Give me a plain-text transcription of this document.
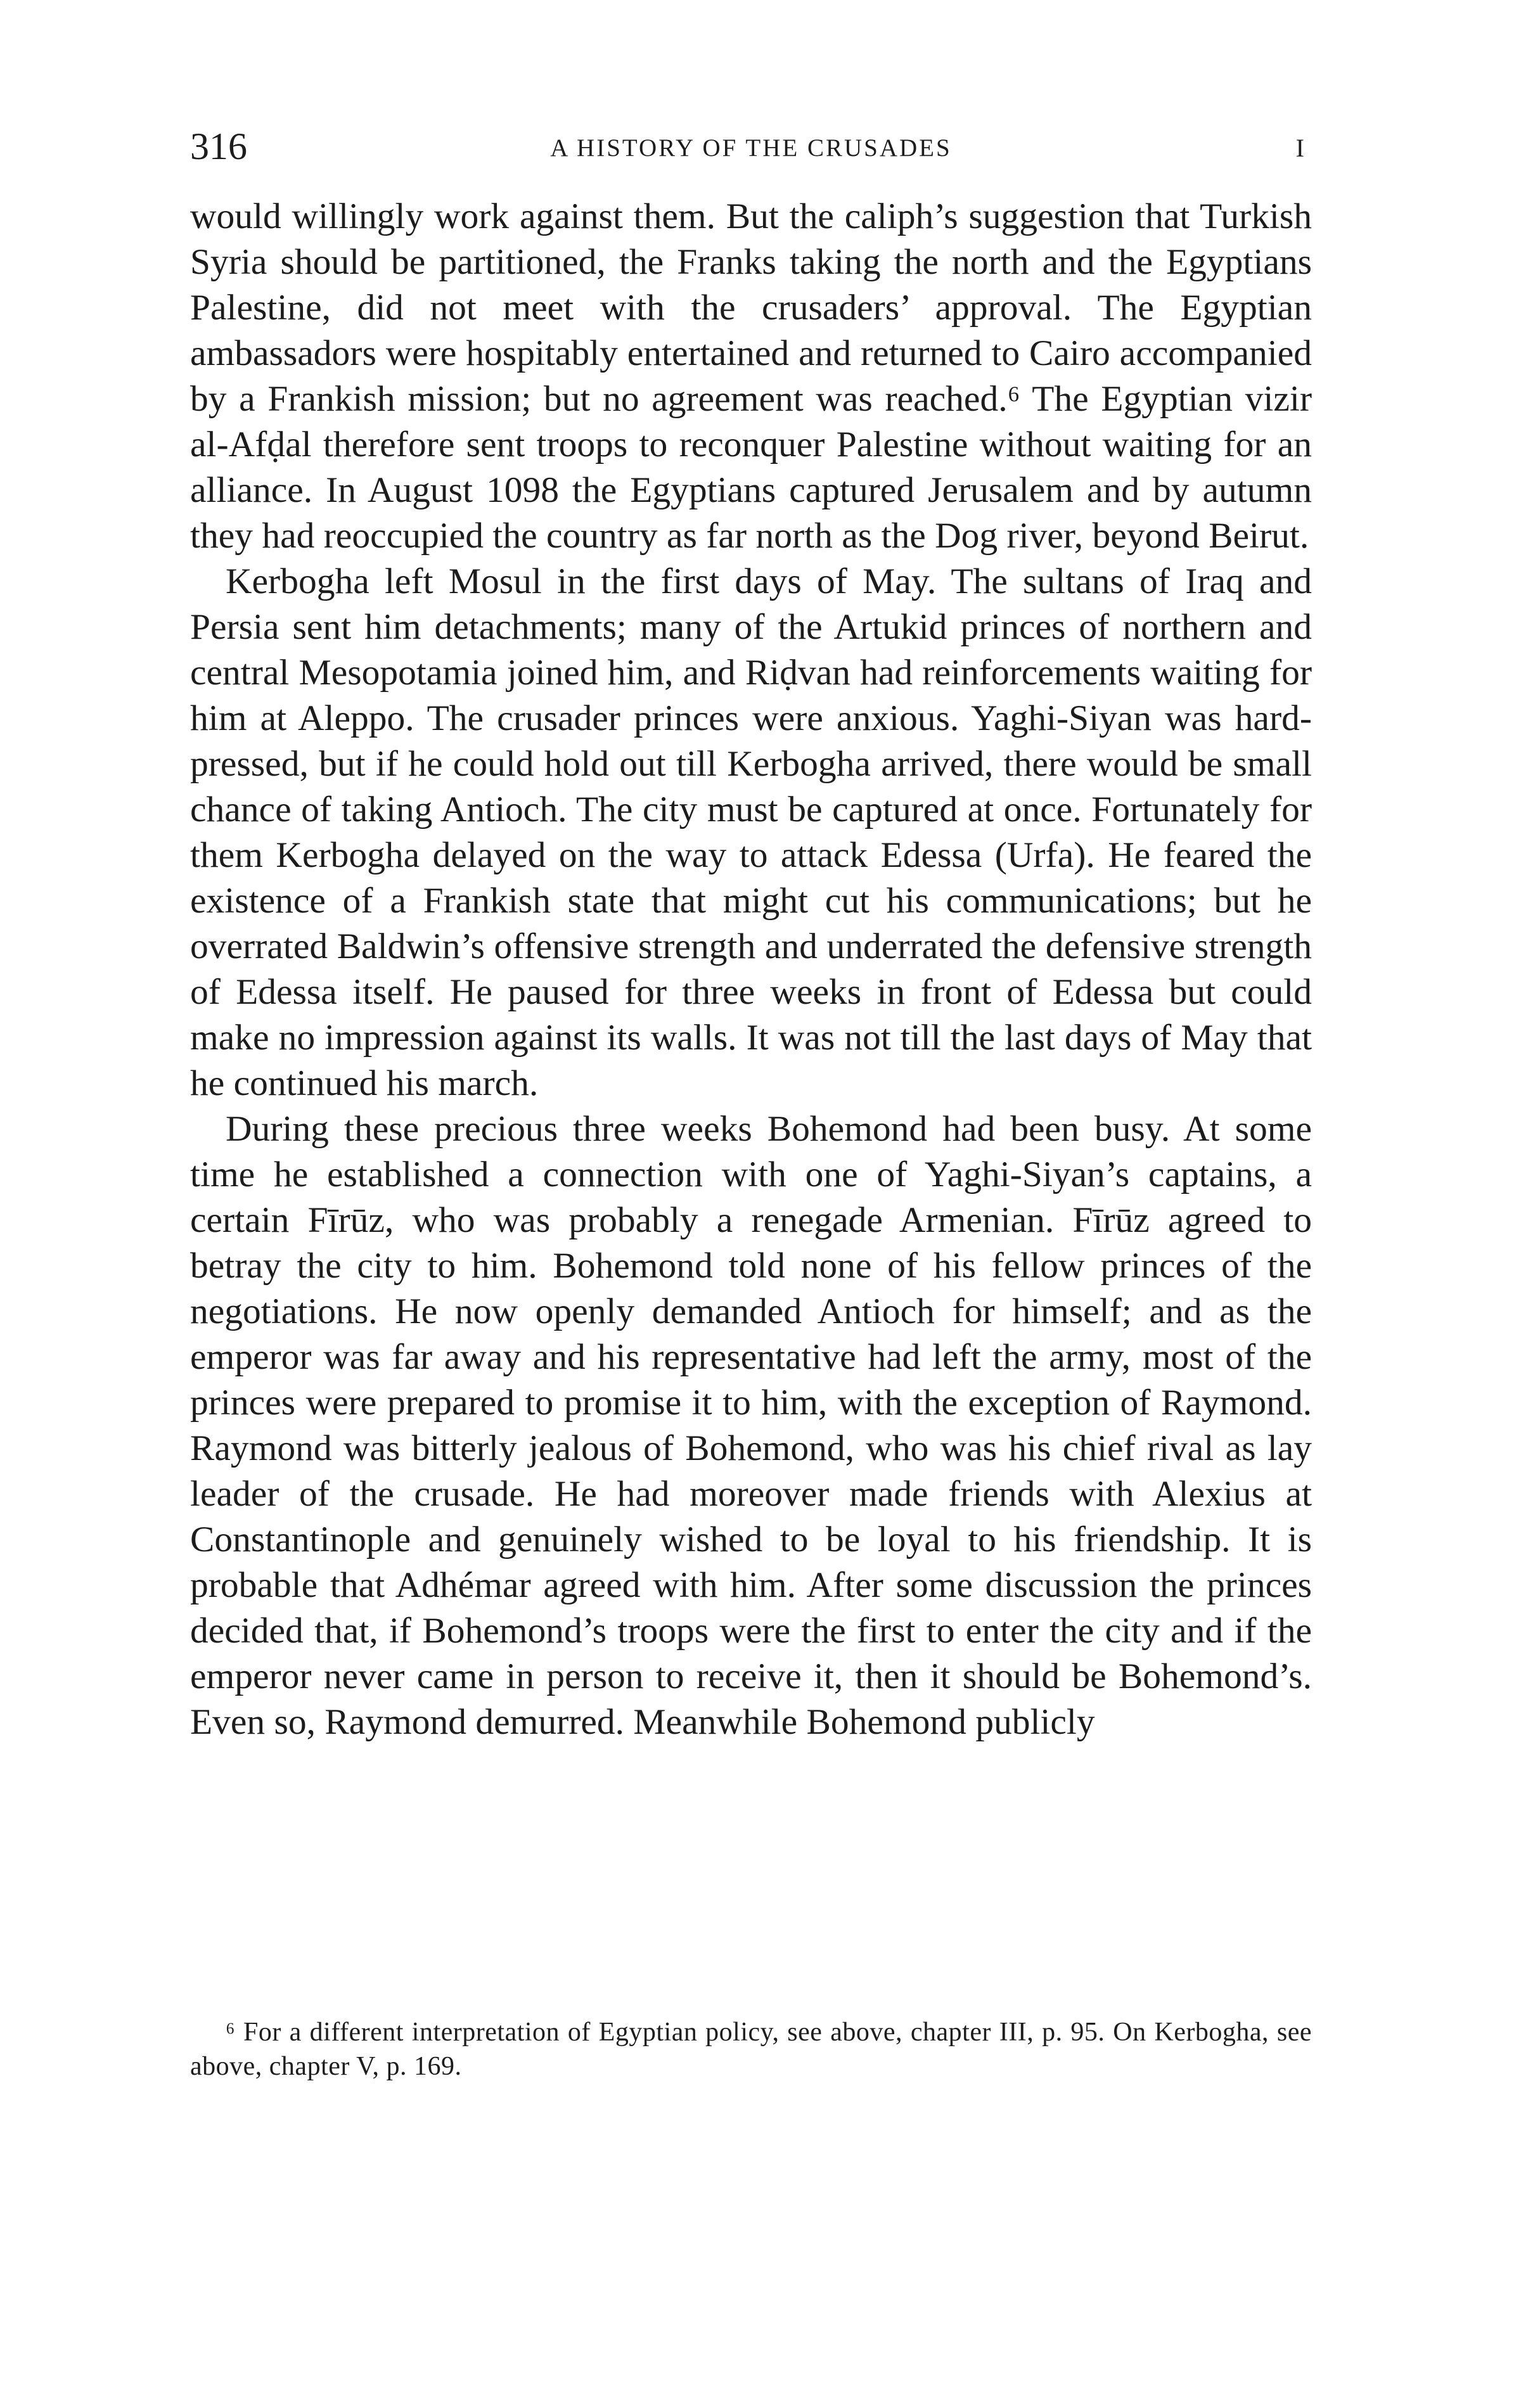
316	A HISTORY OF THE CRUSADES	I

would willingly work against them. But the caliph’s suggestion that Turkish Syria should be partitioned, the Franks taking the north and the Egyptians Palestine, did not meet with the crusaders’ approval. The Egyptian ambassadors were hospitably entertained and returned to Cairo accompanied by a Frankish mission; but no agreement was reached.⁶ The Egyptian vizir al-Afḍal therefore sent troops to reconquer Palestine without waiting for an alliance. In August 1098 the Egyptians captured Jerusalem and by autumn they had reoccupied the country as far north as the Dog river, beyond Beirut.

Kerbogha left Mosul in the first days of May. The sultans of Iraq and Persia sent him detachments; many of the Artukid princes of northern and central Mesopotamia joined him, and Riḍvan had reinforcements waiting for him at Aleppo. The crusader princes were anxious. Yaghi-Siyan was hard-pressed, but if he could hold out till Kerbogha arrived, there would be small chance of taking Antioch. The city must be captured at once. Fortunately for them Kerbogha delayed on the way to attack Edessa (Urfa). He feared the existence of a Frankish state that might cut his communications; but he overrated Baldwin’s offensive strength and underrated the defensive strength of Edessa itself. He paused for three weeks in front of Edessa but could make no impression against its walls. It was not till the last days of May that he continued his march.

During these precious three weeks Bohemond had been busy. At some time he established a connection with one of Yaghi-Siyan’s captains, a certain Fīrūz, who was probably a renegade Armenian. Fīrūz agreed to betray the city to him. Bohemond told none of his fellow princes of the negotiations. He now openly demanded Antioch for himself; and as the emperor was far away and his representative had left the army, most of the princes were prepared to promise it to him, with the exception of Raymond. Raymond was bitterly jealous of Bohemond, who was his chief rival as lay leader of the crusade. He had moreover made friends with Alexius at Constantinople and genuinely wished to be loyal to his friendship. It is probable that Adhémar agreed with him. After some discussion the princes decided that, if Bohemond’s troops were the first to enter the city and if the emperor never came in person to receive it, then it should be Bohemond’s. Even so, Raymond demurred. Meanwhile Bohemond publicly

⁶ For a different interpretation of Egyptian policy, see above, chapter III, p. 95. On Kerbogha, see above, chapter V, p. 169.
